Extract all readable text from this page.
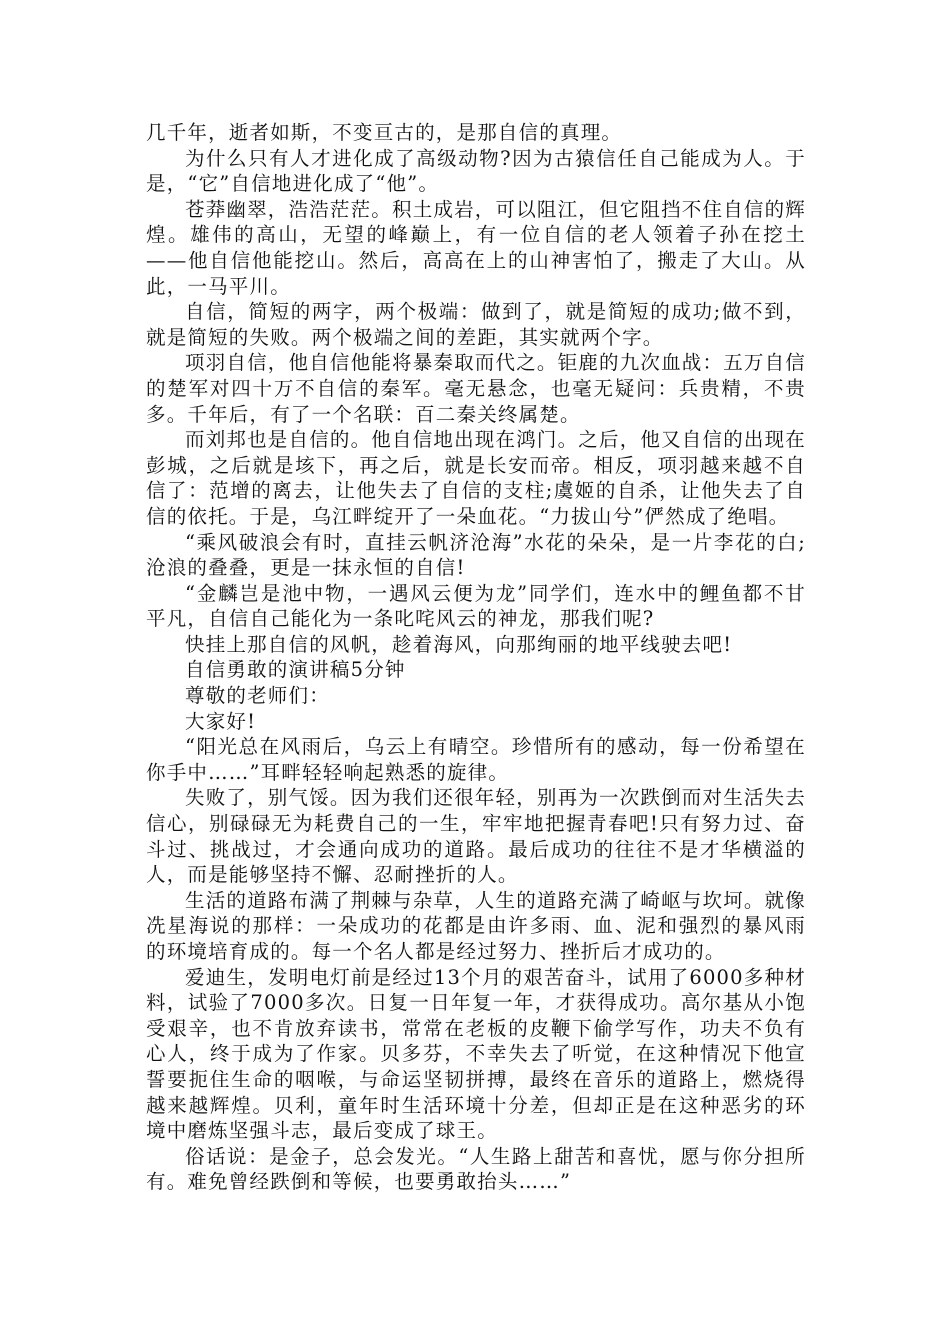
几千年，逝者如斯，不变亘古的，是那自信的真理。

为什么只有人才进化成了高级动物?因为古猿信任自己能成为人。于是，“它”自信地进化成了“他”。

苍莽幽翠，浩浩茫茫。积土成岩，可以阻江，但它阻挡不住自信的辉煌。雄伟的高山，无望的峰巅上，有一位自信的老人领着子孙在挖土——他自信他能挖山。然后，高高在上的山神害怕了，搬走了大山。从此，一马平川。

自信，简短的两字，两个极端：做到了，就是简短的成功;做不到，就是简短的失败。两个极端之间的差距，其实就两个字。

项羽自信，他自信他能将暴秦取而代之。钜鹿的九次血战：五万自信的楚军对四十万不自信的秦军。毫无悬念，也毫无疑问：兵贵精，不贵多。千年后，有了一个名联：百二秦关终属楚。

而刘邦也是自信的。他自信地出现在鸿门。之后，他又自信的出现在彭城，之后就是垓下，再之后，就是长安而帝。相反，项羽越来越不自信了：范增的离去，让他失去了自信的支柱;虞姬的自杀，让他失去了自信的依托。于是，乌江畔绽开了一朵血花。“力拔山兮”俨然成了绝唱。

“乘风破浪会有时，直挂云帆济沧海”水花的朵朵，是一片李花的白;沧浪的叠叠，更是一抹永恒的自信!

“金麟岂是池中物，一遇风云便为龙”同学们，连水中的鲤鱼都不甘平凡，自信自己能化为一条叱咤风云的神龙，那我们呢?

快挂上那自信的风帆，趁着海风，向那绚丽的地平线驶去吧!

自信勇敢的演讲稿5分钟

尊敬的老师们：

大家好!

“阳光总在风雨后，乌云上有晴空。珍惜所有的感动，每一份希望在你手中……”耳畔轻轻响起熟悉的旋律。

失败了，别气馁。因为我们还很年轻，别再为一次跌倒而对生活失去信心，别碌碌无为耗费自己的一生，牢牢地把握青春吧!只有努力过、奋斗过、挑战过，才会通向成功的道路。最后成功的往往不是才华横溢的人，而是能够坚持不懈、忍耐挫折的人。

生活的道路布满了荆棘与杂草，人生的道路充满了崎岖与坎坷。就像冼星海说的那样：一朵成功的花都是由许多雨、血、泥和强烈的暴风雨的环境培育成的。每一个名人都是经过努力、挫折后才成功的。

爱迪生，发明电灯前是经过13个月的艰苦奋斗，试用了6000多种材料，试验了7000多次。日复一日年复一年，才获得成功。高尔基从小饱受艰辛，也不肯放弃读书，常常在老板的皮鞭下偷学写作，功夫不负有心人，终于成为了作家。贝多芬，不幸失去了听觉，在这种情况下他宣誓要扼住生命的咽喉，与命运坚韧拼搏，最终在音乐的道路上，燃烧得越来越辉煌。贝利，童年时生活环境十分差，但却正是在这种恶劣的环境中磨炼坚强斗志，最后变成了球王。

俗话说：是金子，总会发光。“人生路上甜苦和喜忧，愿与你分担所有。难免曾经跌倒和等候，也要勇敢抬头……”
